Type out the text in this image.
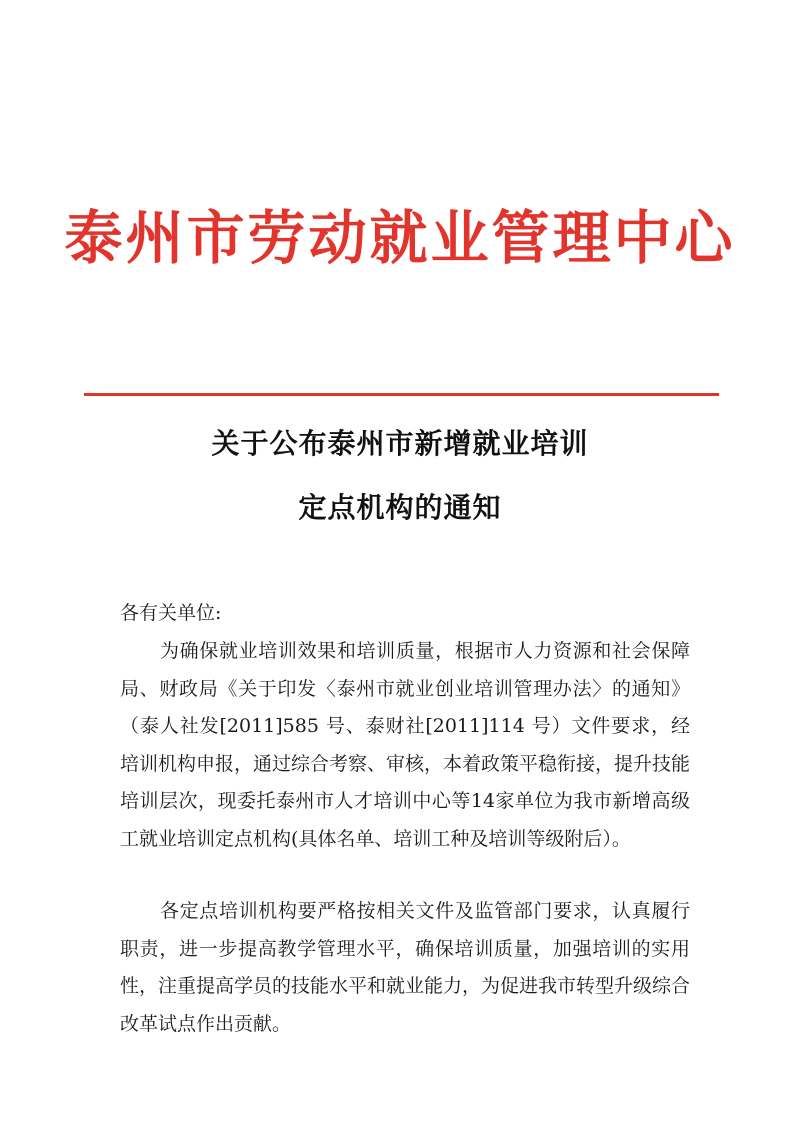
泰州市劳动就业管理中心
关于公布泰州市新增就业培训
定点机构的通知
各有关单位:
为确保就业培训效果和培训质量，根据市人力资源和社会保障局、财政局《关于印发〈泰州市就业创业培训管理办法〉的通知》（泰人社发[2011]585 号、泰财社[2011]114 号）文件要求，经培训机构申报，通过综合考察、审核，本着政策平稳衔接，提升技能培训层次，现委托泰州市人才培训中心等14家单位为我市新增高级工就业培训定点机构(具体名单、培训工种及培训等级附后）。
各定点培训机构要严格按相关文件及监管部门要求，认真履行职责，进一步提高教学管理水平，确保培训质量，加强培训的实用性，注重提高学员的技能水平和就业能力，为促进我市转型升级综合改革试点作出贡献。
